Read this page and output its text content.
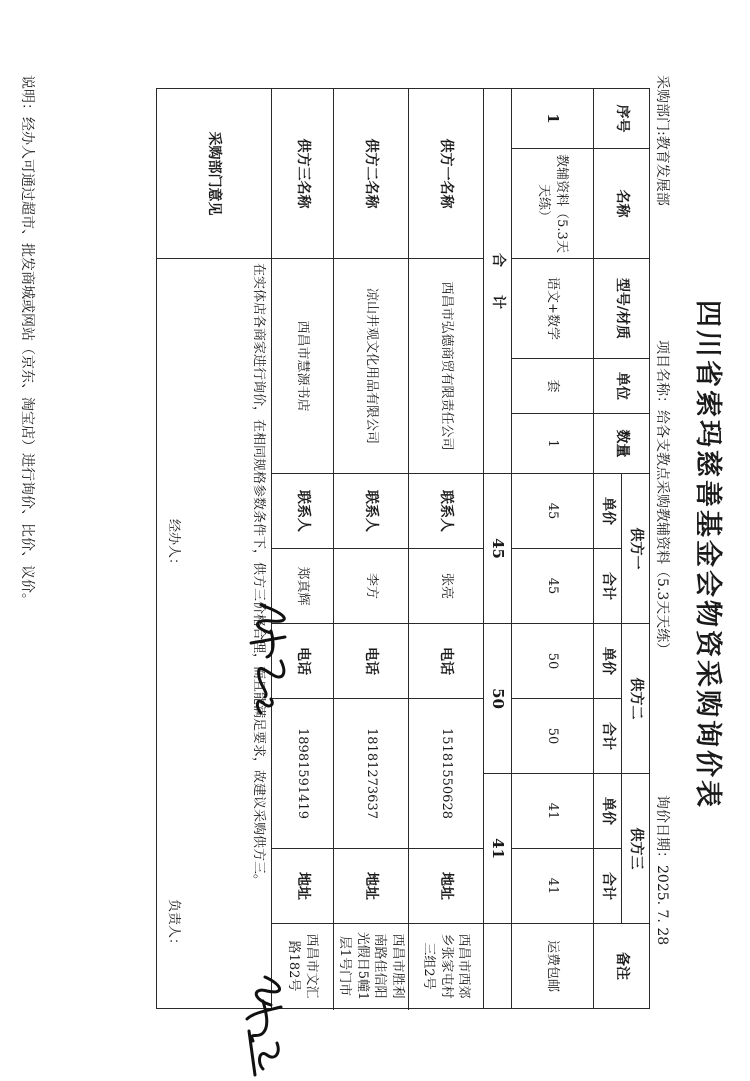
四川省索玛慈善基金会物资采购询价表
采购部门:教育发展部
项目名称：给各支教点采购教辅资料（5.3天天练）
询价日期：2025. 7. 28
序号	名称	型号/材质	单位	数量	供方一		供方二		供方三		备注
					单价	合计	单价	合计	单价	合计	
1	教辅资料（5.3天天练）	语文+数学	套	1	45	45	50	50	41	41	运费包邮
合　　计					45		50		41		
供方一名称		西昌市弘德商贸有限责任公司			联系人	张亮	电话	15181550628		地址	西昌市西郊乡张家屯村三组2号
供方二名称		凉山井观文化用品有限公司			联系人	李方	电话	18181273637		地址	西昌市胜利南路佳信阳光假日5幢1层1号门市
供方三名称		西昌市慧源书店			联系人	郑真辉	电话	18981591419		地址	西昌市文汇路182号
采购部门意见		在实体店各商家进行询价，在相同规格参数条件下，供方三价格合理，而且能满足要求，故建议采购供方三。
经办人：
负责人：									
说明：经办人可通过超市、批发商城或网站（京东、淘宝店）进行询价、比价、议价。
